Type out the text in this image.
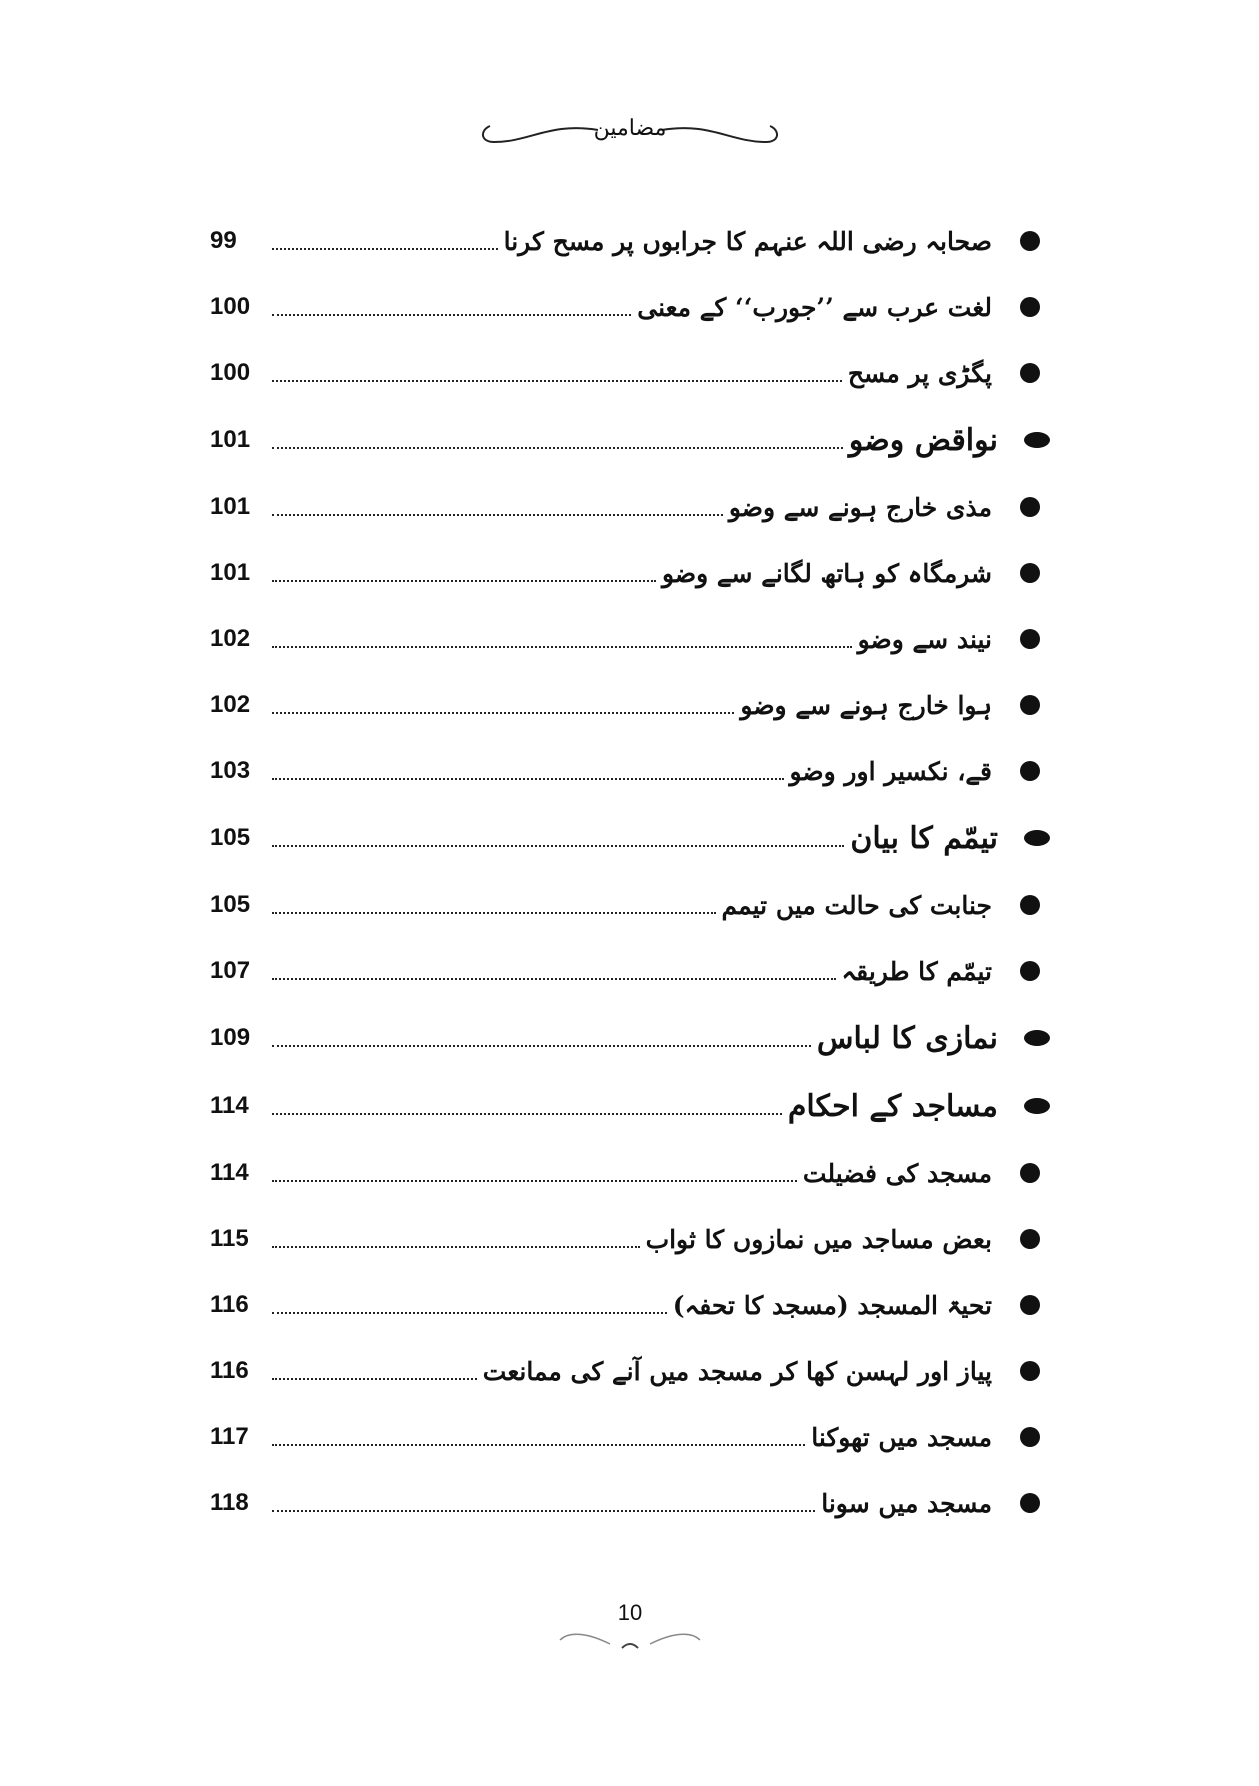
مضامین
صحابہ رضی اللہ عنہم کا جرابوں پر مسح کرنا
99
لغت عرب سے ’’جورب‘‘ کے معنی
100
پگڑی پر مسح
100
نواقض وضو
101
مذی خارج ہونے سے وضو
101
شرمگاہ کو ہاتھ لگانے سے وضو
101
نیند سے وضو
102
ہوا خارج ہونے سے وضو
102
قے، نکسیر اور وضو
103
تیمّم کا بیان
105
جنابت کی حالت میں تیمم
105
تیمّم کا طریقہ
107
نمازی کا لباس
109
مساجد کے احکام
114
مسجد کی فضیلت
114
بعض مساجد میں نمازوں کا ثواب
115
تحیۃ المسجد (مسجد کا تحفہ)
116
پیاز اور لہسن کھا کر مسجد میں آنے کی ممانعت
116
مسجد میں تھوکنا
117
مسجد میں سونا
118
10
